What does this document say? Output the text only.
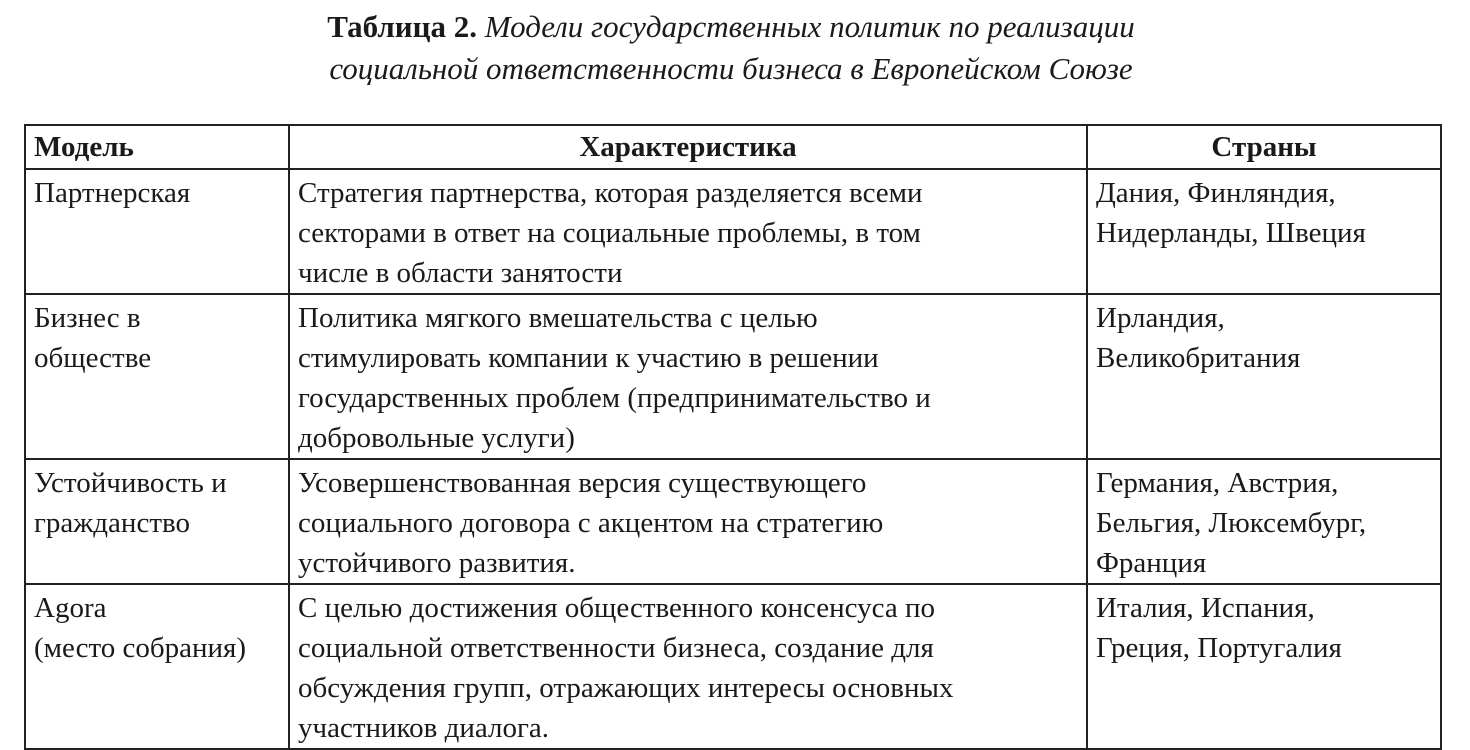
Таблица 2. Модели государственных политик по реализации
социальной ответственности бизнеса в Европейском Союзе
Модель	Характеристика	Страны

Партнерская	Стратегия партнерства, которая разделяется всеми
секторами в ответ на социальные проблемы, в том
числе в области занятости	Дания, Финляндия,
Нидерланды, Швеция

Бизнес в
обществе	Политика мягкого вмешательства с целью
стимулировать компании к участию в решении
государственных проблем (предпринимательство и
добровольные услуги)	Ирландия,
Великобритания

Устойчивость и
гражданство	Усовершенствованная версия существующего
социального договора с акцентом на стратегию
устойчивого развития.	Германия, Австрия,
Бельгия, Люксембург,
Франция

Agora
(место собрания)	С целью достижения общественного консенсуса по
социальной ответственности бизнеса, создание для
обсуждения групп, отражающих интересы основных
участников диалога.	Италия, Испания,
Греция, Португалия
